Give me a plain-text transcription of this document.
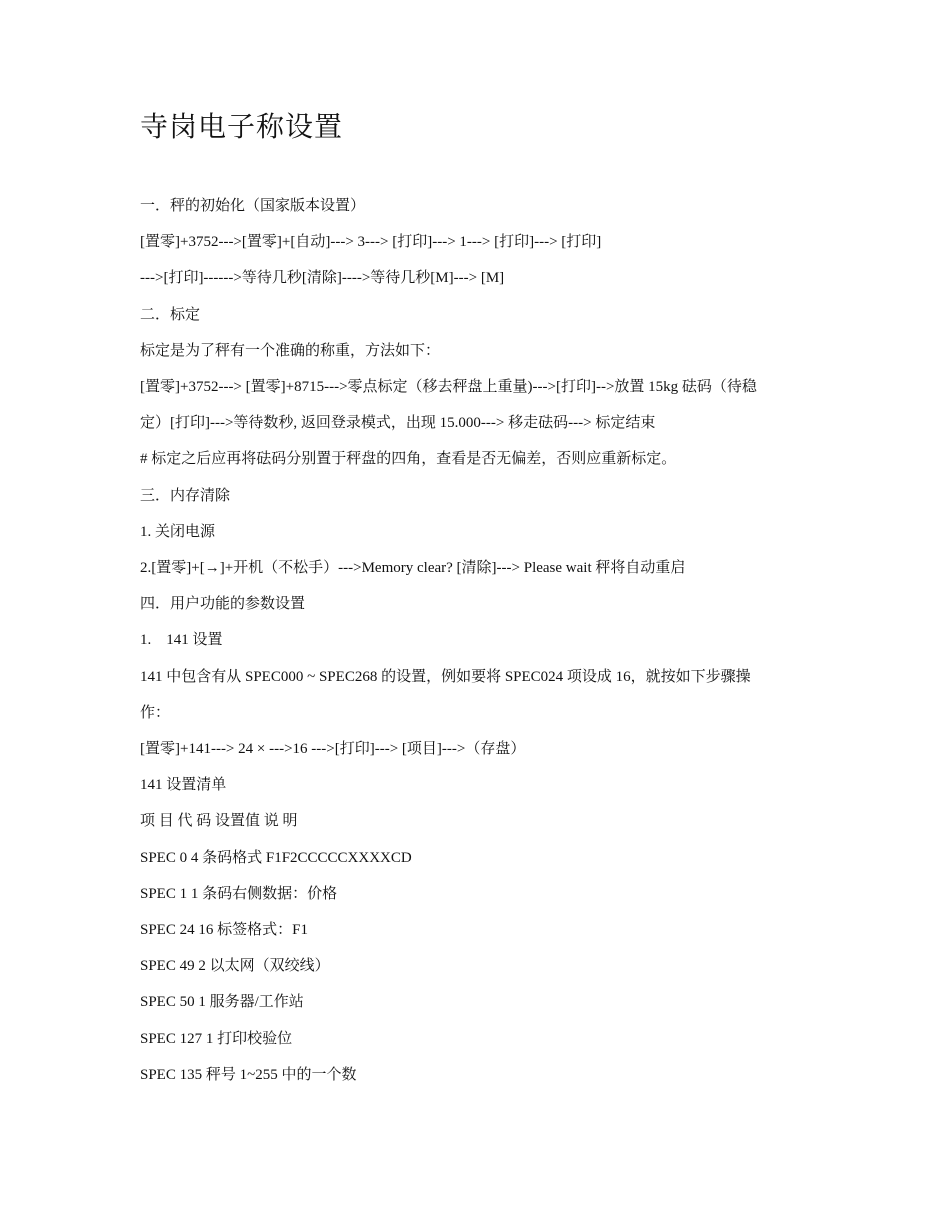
寺岗电子称设置

一．秤的初始化（国家版本设置）

[置零]+3752--->[置零]+[自动]---> 3---> [打印]---> 1---> [打印]---> [打印]

--->[打印]------>等待几秒[清除]---->等待几秒[M]---> [M]

二．标定

标定是为了秤有一个准确的称重，方法如下：

[置零]+3752---> [置零]+8715--->零点标定（移去秤盘上重量)--->[打印]-->放置 15kg 砝码（待稳

定）[打印]--->等待数秒, 返回登录模式，出现 15.000---> 移走砝码---> 标定结束

# 标定之后应再将砝码分别置于秤盘的四角，查看是否无偏差，否则应重新标定。

三．内存清除

1. 关闭电源

2.[置零]+[→]+开机（不松手）--->Memory clear? [清除]---> Please wait 秤将自动重启

四．用户功能的参数设置

1.　141 设置

141 中包含有从 SPEC000 ~ SPEC268 的设置，例如要将 SPEC024 项设成 16，就按如下步骤操

作：

[置零]+141---> 24 × --->16 --->[打印]---> [项目]--->（存盘）

141 设置清单

项 目 代 码 设置值 说 明

SPEC 0 4 条码格式 F1F2CCCCCXXXXCD

SPEC 1 1 条码右侧数据：价格

SPEC 24 16 标签格式：F1

SPEC 49 2 以太网（双绞线）

SPEC 50 1 服务器/工作站

SPEC 127 1 打印校验位

SPEC 135 秤号 1~255 中的一个数
